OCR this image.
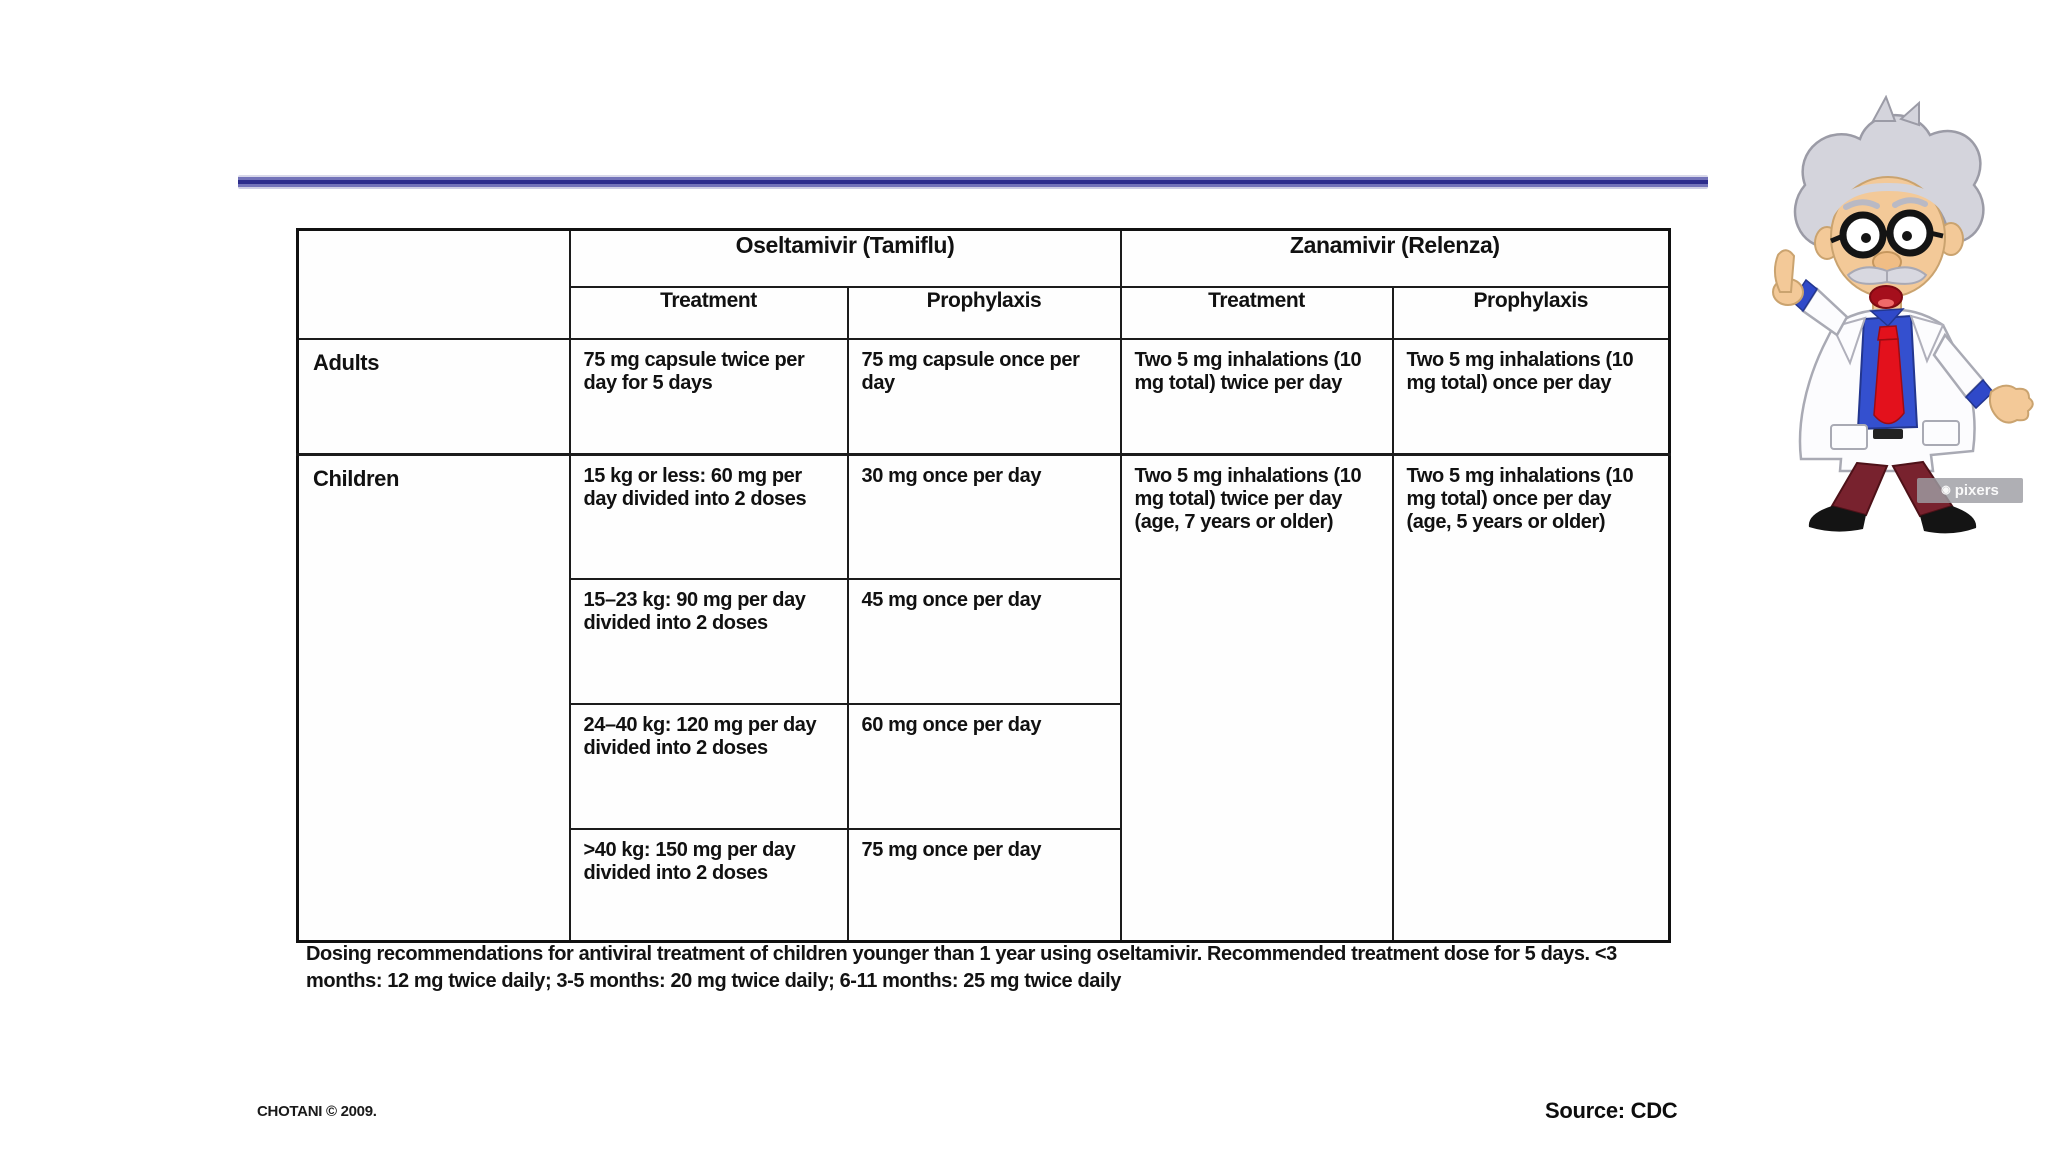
	Oseltamivir (Tamiflu)		Zanamivir (Relenza)	
	Treatment	Prophylaxis	Treatment	Prophylaxis
Adults	75 mg capsule twice per day for 5 days	75 mg capsule once per day	Two 5 mg inhalations (10 mg total) twice per day	Two 5 mg inhalations (10 mg total) once per day
Children	15 kg or less: 60 mg per day divided into 2 doses	30 mg once per day	Two 5 mg inhalations (10 mg total) twice per day (age, 7 years or older)	Two 5 mg inhalations (10 mg total) once per day (age, 5 years or older)
	15–23 kg: 90 mg per day divided into 2 doses	45 mg once per day		
	24–40 kg: 120 mg per day divided into 2 doses	60 mg once per day		
	>40 kg: 150 mg per day divided into 2 doses	75 mg once per day		
Dosing recommendations for antiviral treatment of children younger than 1 year using oseltamivir. Recommended treatment dose for 5 days. <3 months: 12 mg twice daily; 3-5 months: 20 mg twice daily; 6-11 months: 25 mg twice daily
CHOTANI © 2009.	Source: CDC
◉ pixers
